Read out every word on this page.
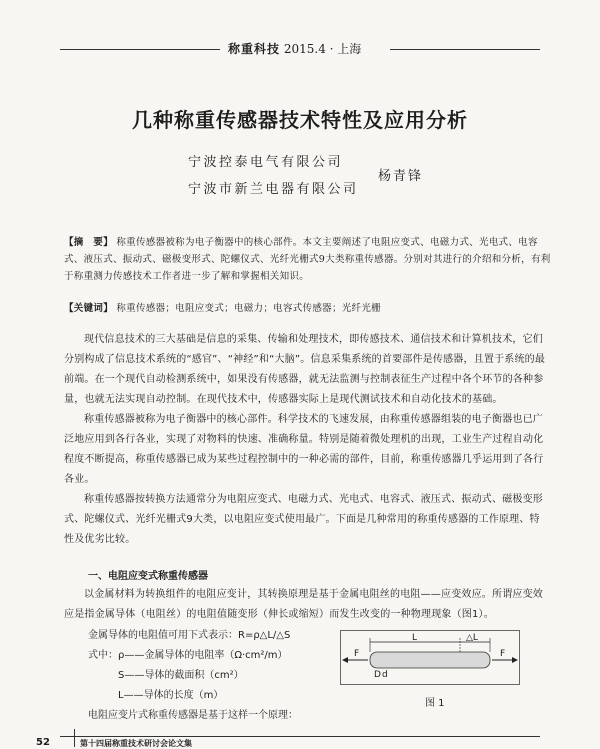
称重科技 2015.4 · 上海
几种称重传感器技术特性及应用分析
宁波控泰电气有限公司
宁波市新兰电器有限公司
杨青锋
【摘　要】 称重传感器被称为电子衡器中的核心部件。本文主要阐述了电阻应变式、电磁力式、光电式、电容式、液压式、振动式、磁极变形式、陀螺仪式、光纤光栅式9大类称重传感器。分别对其进行的介绍和分析，有利于称重测力传感技术工作者进一步了解和掌握相关知识。
【关键词】 称重传感器；电阻应变式；电磁力；电容式传感器；光纤光栅

现代信息技术的三大基础是信息的采集、传输和处理技术，即传感技术、通信技术和计算机技术，它们分别构成了信息技术系统的“感官”、“神经”和“大脑”。信息采集系统的首要部件是传感器，且置于系统的最前端。在一个现代自动检测系统中，如果没有传感器，就无法监测与控制表征生产过程中各个环节的各种参量，也就无法实现自动控制。在现代技术中，传感器实际上是现代测试技术和自动化技术的基础。

称重传感器被称为电子衡器中的核心部件。科学技术的飞速发展，由称重传感器组装的电子衡器也已广泛地应用到各行各业，实现了对物料的快速、准确称量。特别是随着微处理机的出现，工业生产过程自动化程度不断提高，称重传感器已成为某些过程控制中的一种必需的部件，目前，称重传感器几乎运用到了各行各业。

称重传感器按转换方法通常分为电阻应变式、电磁力式、光电式、电容式、液压式、振动式、磁极变形式、陀螺仪式、光纤光栅式9大类，以电阻应变式使用最广。下面是几种常用的称重传感器的工作原理、特性及优劣比较。

一、电阻应变式称重传感器

以金属材料为转换组件的电阻应变计，其转换原理是基于金属电阻丝的电阻——应变效应。所谓应变效应是指金属导体（电阻丝）的电阻值随变形（伸长或缩短）而发生改变的一种物理现象（图1）。

金属导体的电阻值可用下式表示：R=ρ△L/△S
式中：ρ——金属导体的电阻率（Ω·cm²/m）
S——导体的截面积（cm²）
L——导体的长度（m）
电阻应变片式称重传感器是基于这样一个原理：
F	F
L	△L
D d
图 1
52	第十四届称重技术研讨会论文集
